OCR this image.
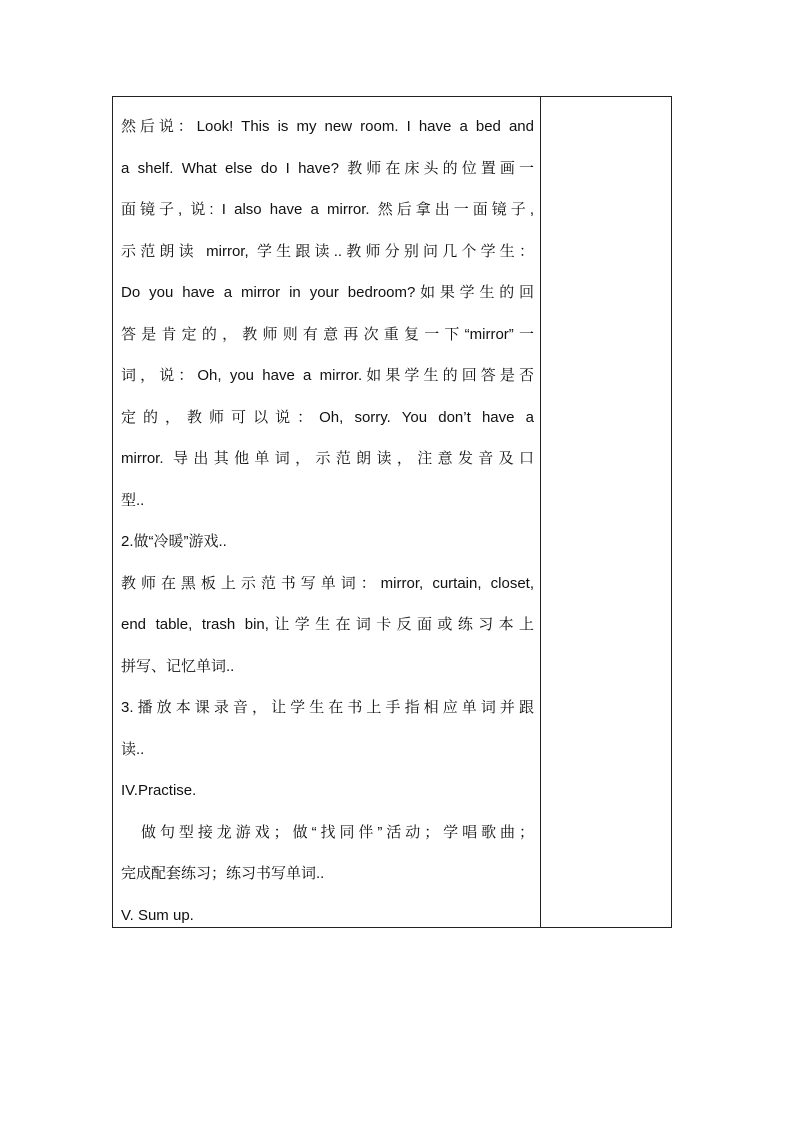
然后说：Look! This is my new room. I have a bed and
a shelf. What else do I have? 教师在床头的位置画一
面镜子, 说: I also have a mirror. 然后拿出一面镜子,
示范朗读 mirror, 学生跟读..教师分别问几个学生：
Do you have a mirror in your bedroom?如果学生的回
答是肯定的，教师则有意再次重复一下“mirror”一
词，说：Oh, you have a mirror.如果学生的回答是否
定的，教师可以说：Oh, sorry. You don’t have a
mirror. 导出其他单词，示范朗读，注意发音及口
型..
2.做“冷暖”游戏..
教师在黑板上示范书写单词：mirror, curtain, closet,
end table, trash bin,让学生在词卡反面或练习本上
拼写、记忆单词..
3.播放本课录音，让学生在书上手指相应单词并跟
读..
IV.Practise.
做句型接龙游戏；做“找同伴”活动；学唱歌曲；
完成配套练习；练习书写单词..
V. Sum up.
